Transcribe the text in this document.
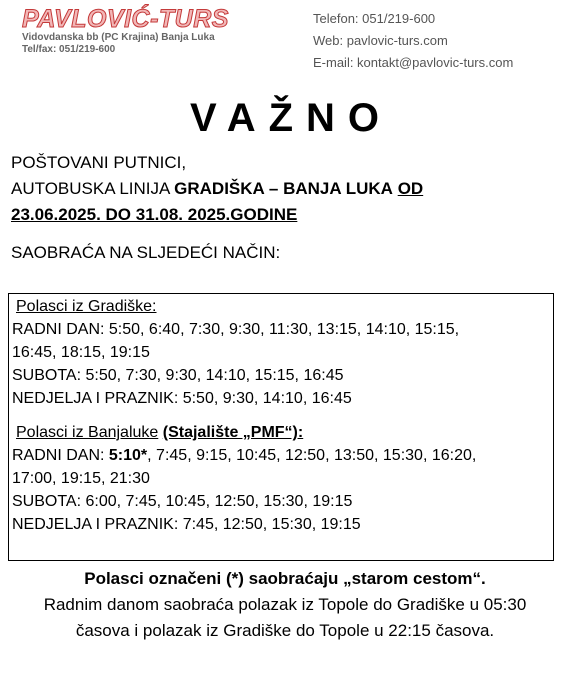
PAVLOVIĆ-TURS
Vidovdanska bb (PC Krajina) Banja Luka
Tel/fax: 051/219-600
Telefon: 051/219-600
Web: pavlovic-turs.com
E-mail: kontakt@pavlovic-turs.com
VAŽNO
POŠTOVANI PUTNICI,
AUTOBUSKA LINIJA GRADIŠKA – BANJA LUKA OD
23.06.2025. DO 31.08. 2025.GODINE
SAOBRAĆA NA SLJEDEĆI NAČIN:
Polasci iz Gradiške:
RADNI DAN: 5:50, 6:40, 7:30, 9:30, 11:30, 13:15, 14:10, 15:15,
16:45, 18:15, 19:15
SUBOTA: 5:50, 7:30, 9:30, 14:10, 15:15, 16:45
NEDJELJA I PRAZNIK: 5:50, 9:30, 14:10, 16:45
Polasci iz Banjaluke (Stajalište „PMF“):
RADNI DAN: 5:10*, 7:45, 9:15, 10:45, 12:50, 13:50, 15:30, 16:20,
17:00, 19:15, 21:30
SUBOTA: 6:00, 7:45, 10:45, 12:50, 15:30, 19:15
NEDJELJA I PRAZNIK: 7:45, 12:50, 15:30, 19:15
Polasci označeni (*) saobraćaju „starom cestom“.
Radnim danom saobraća polazak iz Topole do Gradiške u 05:30 časova i polazak iz Gradiške do Topole u 22:15 časova.
